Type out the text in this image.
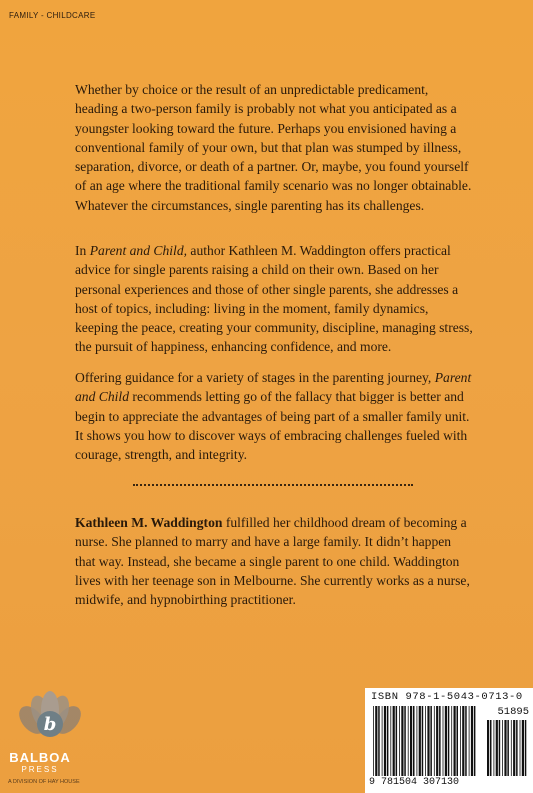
FAMILY - CHILDCARE

Whether by choice or the result of an unpredictable predicament, heading a two-person family is probably not what you anticipated as a youngster looking toward the future. Perhaps you envisioned having a conventional family of your own, but that plan was stumped by illness, separation, divorce, or death of a partner. Or, maybe, you found yourself of an age where the traditional family scenario was no longer obtainable. Whatever the circumstances, single parenting has its challenges.

In Parent and Child, author Kathleen M. Waddington offers practical advice for single parents raising a child on their own. Based on her personal experiences and those of other single parents, she addresses a host of topics, including: living in the moment, family dynamics, keeping the peace, creating your community, discipline, managing stress, the pursuit of happiness, enhancing confidence, and more.

Offering guidance for a variety of stages in the parenting journey, Parent and Child recommends letting go of the fallacy that bigger is better and begin to appreciate the advantages of being part of a smaller family unit. It shows you how to discover ways of embracing challenges fueled with courage, strength, and integrity.

Kathleen M. Waddington fulfilled her childhood dream of becoming a nurse. She planned to marry and have a large family. It didn’t happen that way. Instead, she became a single parent to one child. Waddington lives with her teenage son in Melbourne. She currently works as a nurse, midwife, and hypnobirthing practitioner.

b
BALBOA
PRESS
A DIVISION OF HAY HOUSE
ISBN 978-1-5043-0713-0
51895
9 781504 307130
